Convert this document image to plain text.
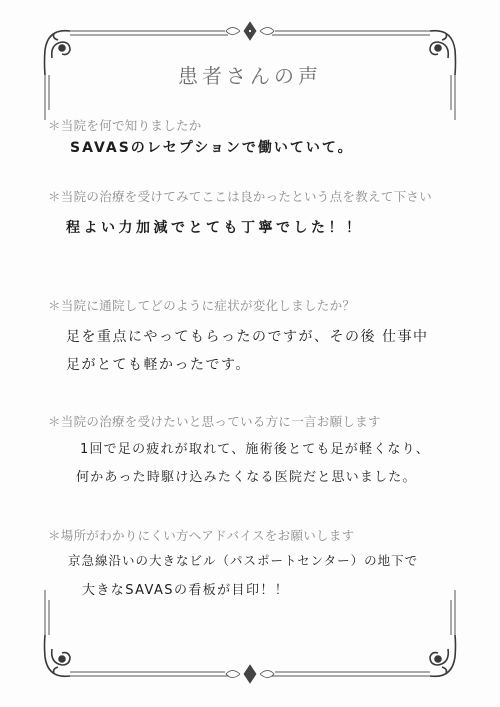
患者さんの声
＊当院を何で知りましたか
SAVASのレセプションで働いていて。
＊当院の治療を受けてみてここは良かったという点を教えて下さい
程よい力加減でとても丁寧でした！！
＊当院に通院してどのように症状が変化しましたか？
足を重点にやってもらったのですが、その後 仕事中
足がとても軽かったです。
＊当院の治療を受けたいと思っている方に一言お願します
1回で足の疲れが取れて、施術後とても足が軽くなり、
何かあった時駆け込みたくなる医院だと思いました。
＊場所がわかりにくい方へアドバイスをお願いします
京急線沿いの大きなビル（パスポートセンター）の地下で
大きなSAVASの看板が目印！！
